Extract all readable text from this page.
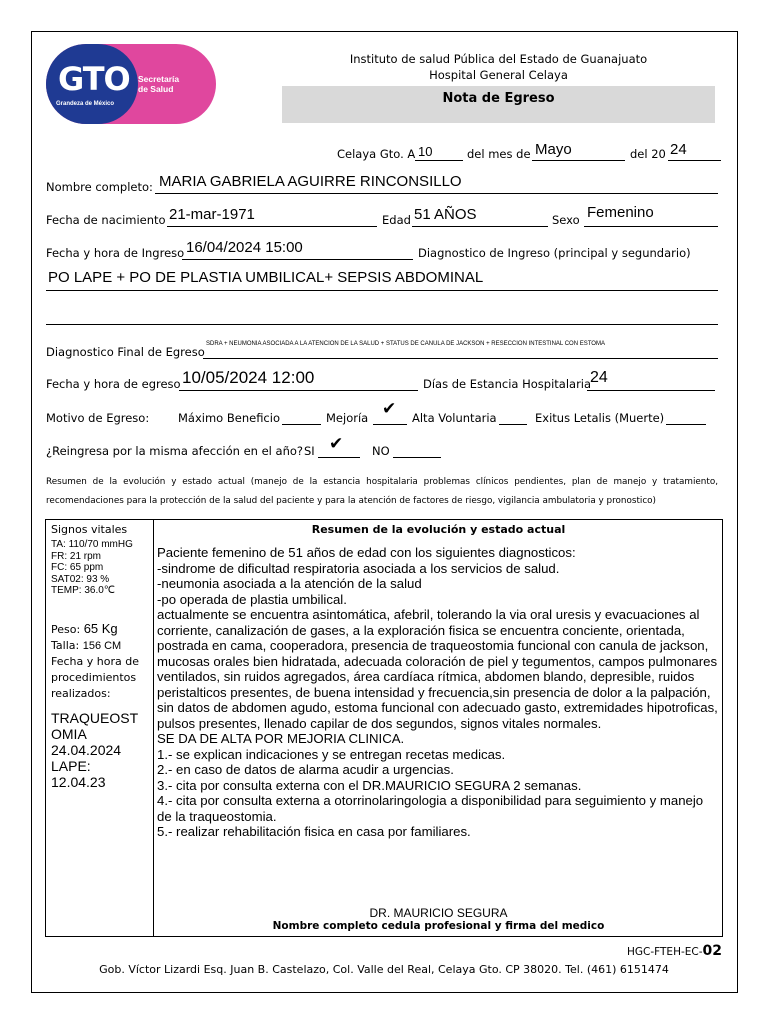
GTO
Grandeza de México
Secretaría
de Salud
Instituto de salud Pública del Estado de Guanajuato
Hospital General Celaya
Nota de Egreso
Celaya Gto. A 10	del mes de Mayo	del 20 24
Nombre completo: MARIA GABRIELA AGUIRRE RINCONSILLO
Fecha de nacimiento 21-mar-1971	Edad 51 AÑOS	Sexo Femenino
Fecha y hora de Ingreso 16/04/2024 15:00	Diagnostico de Ingreso (principal y segundario)
PO LAPE + PO DE PLASTIA UMBILICAL+ SEPSIS ABDOMINAL
Diagnostico Final de Egreso
SDRA + NEUMONIA ASOCIADA A LA ATENCION DE LA SALUD + STATUS DE CANULA DE JACKSON + RESECCION INTESTINAL CON ESTOMA
Fecha y hora de egreso 10/05/2024 12:00	Días de Estancia Hospitalaria
24
Motivo de Egreso:	Máximo Beneficio	Mejoría ✔ Alta Voluntaria	Exitus Letalis (Muerte)
¿Reingresa por la misma afección en el año? SI ✔	NO
Resumen de la evolución y estado actual (manejo de la estancia hospitalaria problemas clínicos pendientes, plan de manejo y tratamiento, recomendaciones para la protección de la salud del paciente y para la atención de factores de riesgo, vigilancia ambulatoria y pronostico)
Signos vitales
TA: 110/70 mmHG
FR: 21 rpm
FC: 65 ppm
SAT02: 93 %
TEMP: 36.0℃
Peso: 65 Kg
Talla: 156 CM
Fecha y hora de
procedimientos
realizados:
TRAQUEOST
OMIA
24.04.2024
LAPE:
12.04.23
Resumen de la evolución y estado actual
Paciente femenino de 51 años de edad con los siguientes diagnosticos:
-sindrome de dificultad respiratoria asociada a los servicios de salud.
-neumonia asociada a la atención de la salud
-po operada de plastia umbilical.
actualmente se encuentra asintomática, afebril, tolerando la via oral uresis y evacuaciones al corriente, canalización de gases, a la exploración fisica se encuentra conciente, orientada, postrada en cama, cooperadora, presencia de traqueostomia funcional con canula de jackson, mucosas orales bien hidratada, adecuada coloración de piel y tegumentos, campos pulmonares ventilados, sin ruidos agregados, área cardíaca rítmica, abdomen blando, depresible, ruidos peristalticos presentes, de buena intensidad y frecuencia,sin presencia de dolor a la palpación, sin datos de abdomen agudo, estoma funcional con adecuado gasto, extremidades hipotroficas, pulsos presentes, llenado capilar de dos segundos, signos vitales normales.
SE DA DE ALTA POR MEJORIA CLINICA.
1.- se explican indicaciones y se entregan recetas medicas.
2.- en caso de datos de alarma acudir a urgencias.
3.- cita por consulta externa con el DR.MAURICIO SEGURA 2 semanas.
4.- cita por consulta externa a otorrinolaringologia a disponibilidad para seguimiento y manejo de la traqueostomia.
5.- realizar rehabilitación fisica en casa por familiares.
DR. MAURICIO SEGURA
Nombre completo cedula profesional y firma del medico
HGC-FTEH-EC-02
Gob. Víctor Lizardi Esq. Juan B. Castelazo, Col. Valle del Real, Celaya Gto. CP 38020. Tel. (461) 6151474
